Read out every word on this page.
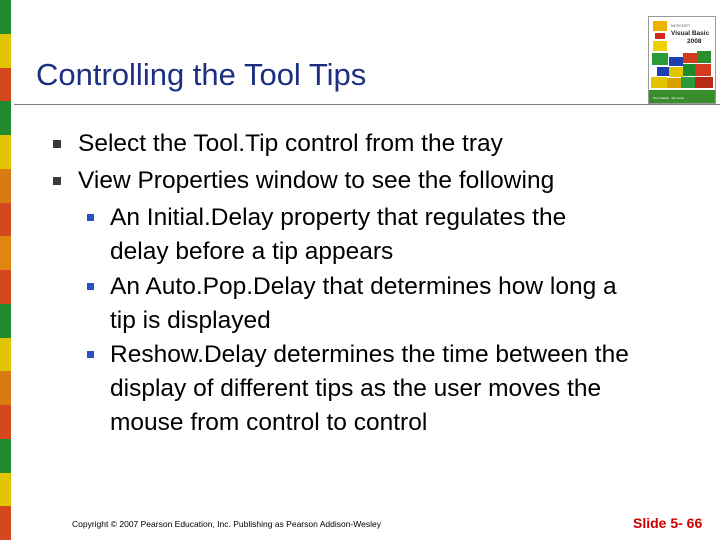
Controlling the Tool Tips
MICROSOFT
Visual Basic
2008
Tom Gaddis · Kip Irvine
Select the Tool.Tip control from the tray
View Properties window to see the following
An Initial.Delay property that regulates the
delay before a tip appears
An Auto.Pop.Delay that determines how long a
tip is displayed
Reshow.Delay determines the time between the
display of different tips as the user moves the
mouse from control to control
Copyright © 2007 Pearson Education, Inc. Publishing as Pearson Addison-Wesley	Slide 5- 66
